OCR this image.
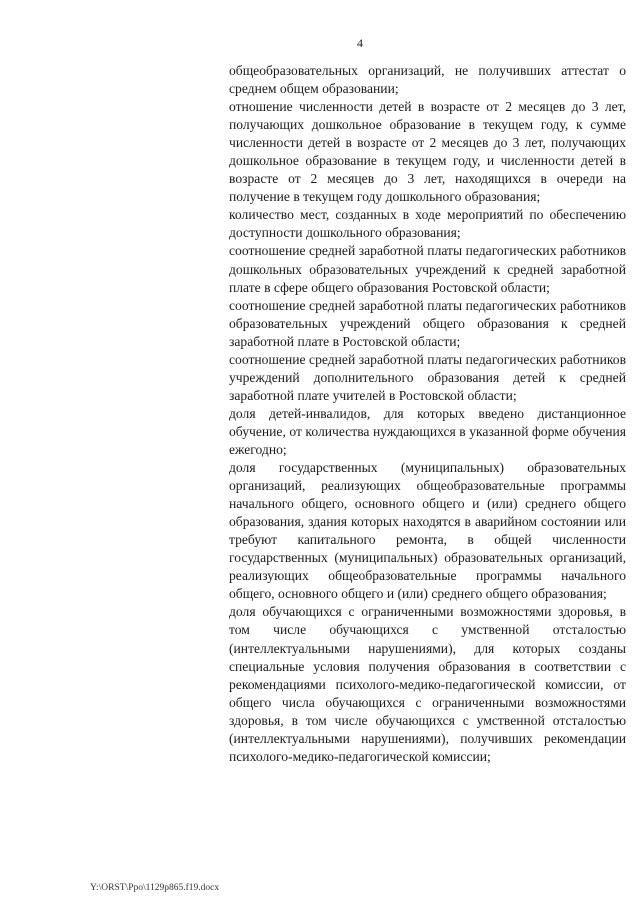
4

общеобразовательных организаций, не получивших аттестат о среднем общем образовании;

отношение численности детей в возрасте от 2 месяцев до 3 лет, получающих дошкольное образование в текущем году, к сумме численности детей в возрасте от 2 месяцев до 3 лет, получающих дошкольное образование в текущем году, и численности детей в возрасте от 2 месяцев до 3 лет, находящихся в очереди на получение в текущем году дошкольного образования;

количество мест, созданных в ходе мероприятий по обеспечению доступности дошкольного образования;

соотношение средней заработной платы педагогических работников дошкольных образовательных учреждений к средней заработной плате в сфере общего образования Ростовской области;

соотношение средней заработной платы педагогических работников образовательных учреждений общего образования к средней заработной плате в Ростовской области;

соотношение средней заработной платы педагогических работников учреждений дополнительного образования детей к средней заработной плате учителей в Ростовской области;

доля детей-инвалидов, для которых введено дистанционное обучение, от количества нуждающихся в указанной форме обучения ежегодно;

доля государственных (муниципальных) образовательных организаций, реализующих общеобразовательные программы начального общего, основного общего и (или) среднего общего образования, здания которых находятся в аварийном состоянии или требуют капитального ремонта, в общей численности государственных (муниципальных) образовательных организаций, реализующих общеобразовательные программы начального общего, основного общего и (или) среднего общего образования;

доля обучающихся с ограниченными возможностями здоровья, в том числе обучающихся с умственной отсталостью (интеллектуальными нарушениями), для которых созданы специальные условия получения образования в соответствии с рекомендациями психолого-медико-педагогической комиссии, от общего числа обучающихся с ограниченными возможностями здоровья, в том числе обучающихся с умственной отсталостью (интеллектуальными нарушениями), получивших рекомендации психолого-медико-педагогической комиссии;

Y:\ORST\Ppo\1129p865.f19.docx
